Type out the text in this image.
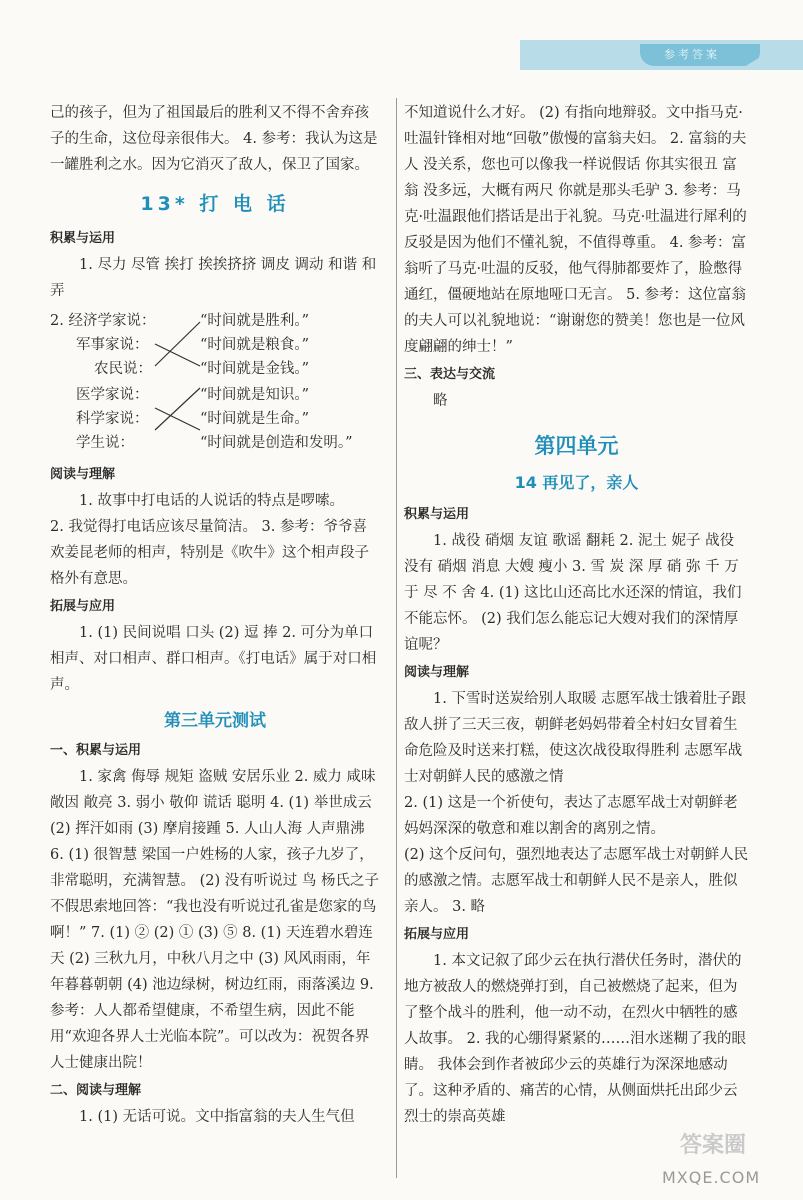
参考答案

己的孩子，但为了祖国最后的胜利又不得不舍弃孩子的生命，这位母亲很伟大。 4. 参考：我认为这是一罐胜利之水。因为它消灭了敌人，保卫了国家。

13* 打 电 话
积累与运用

1. 尽力 尽管 挨打 挨挨挤挤 调皮 调动 和谐 和弄

2. 经济学家说：
军事家说：
农民说：
医学家说：
科学家说：
学生说：
“时间就是胜利。”
“时间就是粮食。”
“时间就是金钱。”
“时间就是知识。”
“时间就是生命。”
“时间就是创造和发明。”
阅读与理解

1. 故事中打电话的人说话的特点是啰嗦。

2. 我觉得打电话应该尽量简洁。 3. 参考：爷爷喜欢姜昆老师的相声，特别是《吹牛》这个相声段子格外有意思。

拓展与应用

1. (1) 民间说唱 口头 (2) 逗 捧 2. 可分为单口相声、对口相声、群口相声。《打电话》属于对口相声。

第三单元测试
一、积累与运用

1. 家禽 侮辱 规矩 盗贼 安居乐业 2. 威力 咸味 敞因 敞亮 3. 弱小 敬仰 谎话 聪明 4. (1) 举世成云 (2) 挥汗如雨 (3) 摩肩接踵 5. 人山人海 人声鼎沸 6. (1) 很智慧 梁国一户姓杨的人家，孩子九岁了，非常聪明，充满智慧。 (2) 没有听说过 鸟 杨氏之子不假思索地回答：“我也没有听说过孔雀是您家的鸟啊！” 7. (1) ② (2) ① (3) ⑤ 8. (1) 天连碧水碧连天 (2) 三秋九月，中秋八月之中 (3) 风风雨雨，年年暮暮朝朝 (4) 池边绿树，树边红雨，雨落溪边 9. 参考：人人都希望健康，不希望生病，因此不能用“欢迎各界人士光临本院”。可以改为：祝贺各界人士健康出院！

二、阅读与理解

1. (1) 无话可说。文中指富翁的夫人生气但

不知道说什么才好。 (2) 有指向地辩驳。文中指马克·吐温针锋相对地“回敬”傲慢的富翁夫妇。 2. 富翁的夫人 没关系，您也可以像我一样说假话 你其实很丑 富翁 没多远，大概有两尺 你就是那头毛驴 3. 参考：马克·吐温跟他们搭话是出于礼貌。马克·吐温进行犀利的反驳是因为他们不懂礼貌，不值得尊重。 4. 参考：富翁听了马克·吐温的反驳，他气得肺都要炸了，脸憋得通红，僵硬地站在原地哑口无言。 5. 参考：这位富翁的夫人可以礼貌地说：“谢谢您的赞美！您也是一位风度翩翩的绅士！”

三、表达与交流

略

第四单元
14 再见了，亲人
积累与运用

1. 战役 硝烟 友谊 歌谣 翻耗 2. 泥土 妮子 战役 没有 硝烟 消息 大嫂 瘦小 3. 雪 炭 深 厚 硝 弥 千 万 于 尽 不 舍 4. (1) 这比山还高比水还深的情谊，我们不能忘怀。 (2) 我们怎么能忘记大嫂对我们的深情厚谊呢？

阅读与理解

1. 下雪时送炭给别人取暖 志愿军战士饿着肚子跟敌人拼了三天三夜，朝鲜老妈妈带着全村妇女冒着生命危险及时送来打糕，使这次战役取得胜利 志愿军战士对朝鲜人民的感激之情

2. (1) 这是一个祈使句，表达了志愿军战士对朝鲜老妈妈深深的敬意和难以割舍的离别之情。

(2) 这个反问句，强烈地表达了志愿军战士对朝鲜人民的感激之情。志愿军战士和朝鲜人民不是亲人，胜似亲人。 3. 略

拓展与应用

1. 本文记叙了邱少云在执行潜伏任务时，潜伏的地方被敌人的燃烧弹打到，自己被燃烧了起来，但为了整个战斗的胜利，他一动不动，在烈火中牺牲的感人故事。 2. 我的心绷得紧紧的……泪水迷糊了我的眼睛。 我体会到作者被邱少云的英雄行为深深地感动了。这种矛盾的、痛苦的心情，从侧面烘托出邱少云烈士的崇高英雄

答案圈
MXQE.COM
